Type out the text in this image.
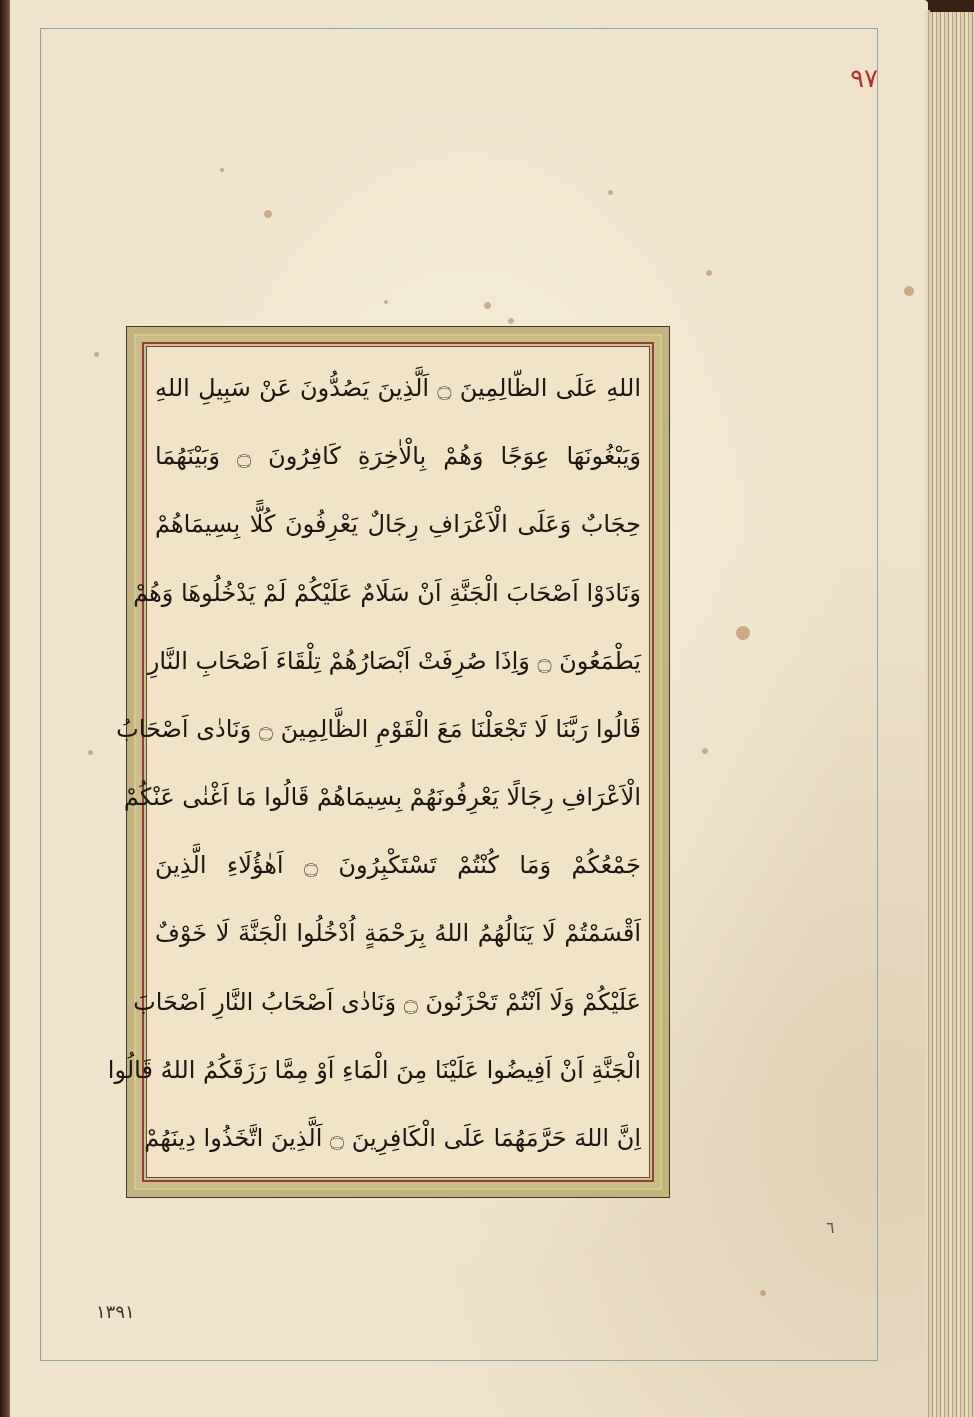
٩٧
اللهِ عَلَى الظّالِمِينَ ۝ اَلَّذِينَ يَصُدُّونَ عَنْ سَبِيلِ اللهِ
وَيَبْغُونَهَا عِوَجًا وَهُمْ بِالْاٰخِرَةِ كَافِرُونَ ۝ وَبَيْنَهُمَا
حِجَابٌ وَعَلَى الْاَعْرَافِ رِجَالٌ يَعْرِفُونَ كُلًّا بِسِيمَاهُمْ
وَنَادَوْا اَصْحَابَ الْجَنَّةِ اَنْ سَلَامٌ عَلَيْكُمْ لَمْ يَدْخُلُوهَا وَهُمْ
يَطْمَعُونَ ۝ وَاِذَا صُرِفَتْ اَبْصَارُهُمْ تِلْقَاءَ اَصْحَابِ النَّارِ
قَالُوا رَبَّنَا لَا تَجْعَلْنَا مَعَ الْقَوْمِ الظَّالِمِينَ ۝ وَنَادٰى اَصْحَابُ
الْاَعْرَافِ رِجَالًا يَعْرِفُونَهُمْ بِسِيمَاهُمْ قَالُوا مَا اَغْنٰى عَنْكُمْ
جَمْعُكُمْ وَمَا كُنْتُمْ تَسْتَكْبِرُونَ ۝ اَهٰؤُلَاءِ الَّذِينَ
اَقْسَمْتُمْ لَا يَنَالُهُمُ اللهُ بِرَحْمَةٍ اُدْخُلُوا الْجَنَّةَ لَا خَوْفٌ
عَلَيْكُمْ وَلَا اَنْتُمْ تَحْزَنُونَ ۝ وَنَادٰى اَصْحَابُ النَّارِ اَصْحَابَ
الْجَنَّةِ اَنْ اَفِيضُوا عَلَيْنَا مِنَ الْمَاءِ اَوْ مِمَّا رَزَقَكُمُ اللهُ قَالُوا
اِنَّ اللهَ حَرَّمَهُمَا عَلَى الْكَافِرِينَ ۝ اَلَّذِينَ اتَّخَذُوا دِينَهُمْ
٦
۱۳٩۱
